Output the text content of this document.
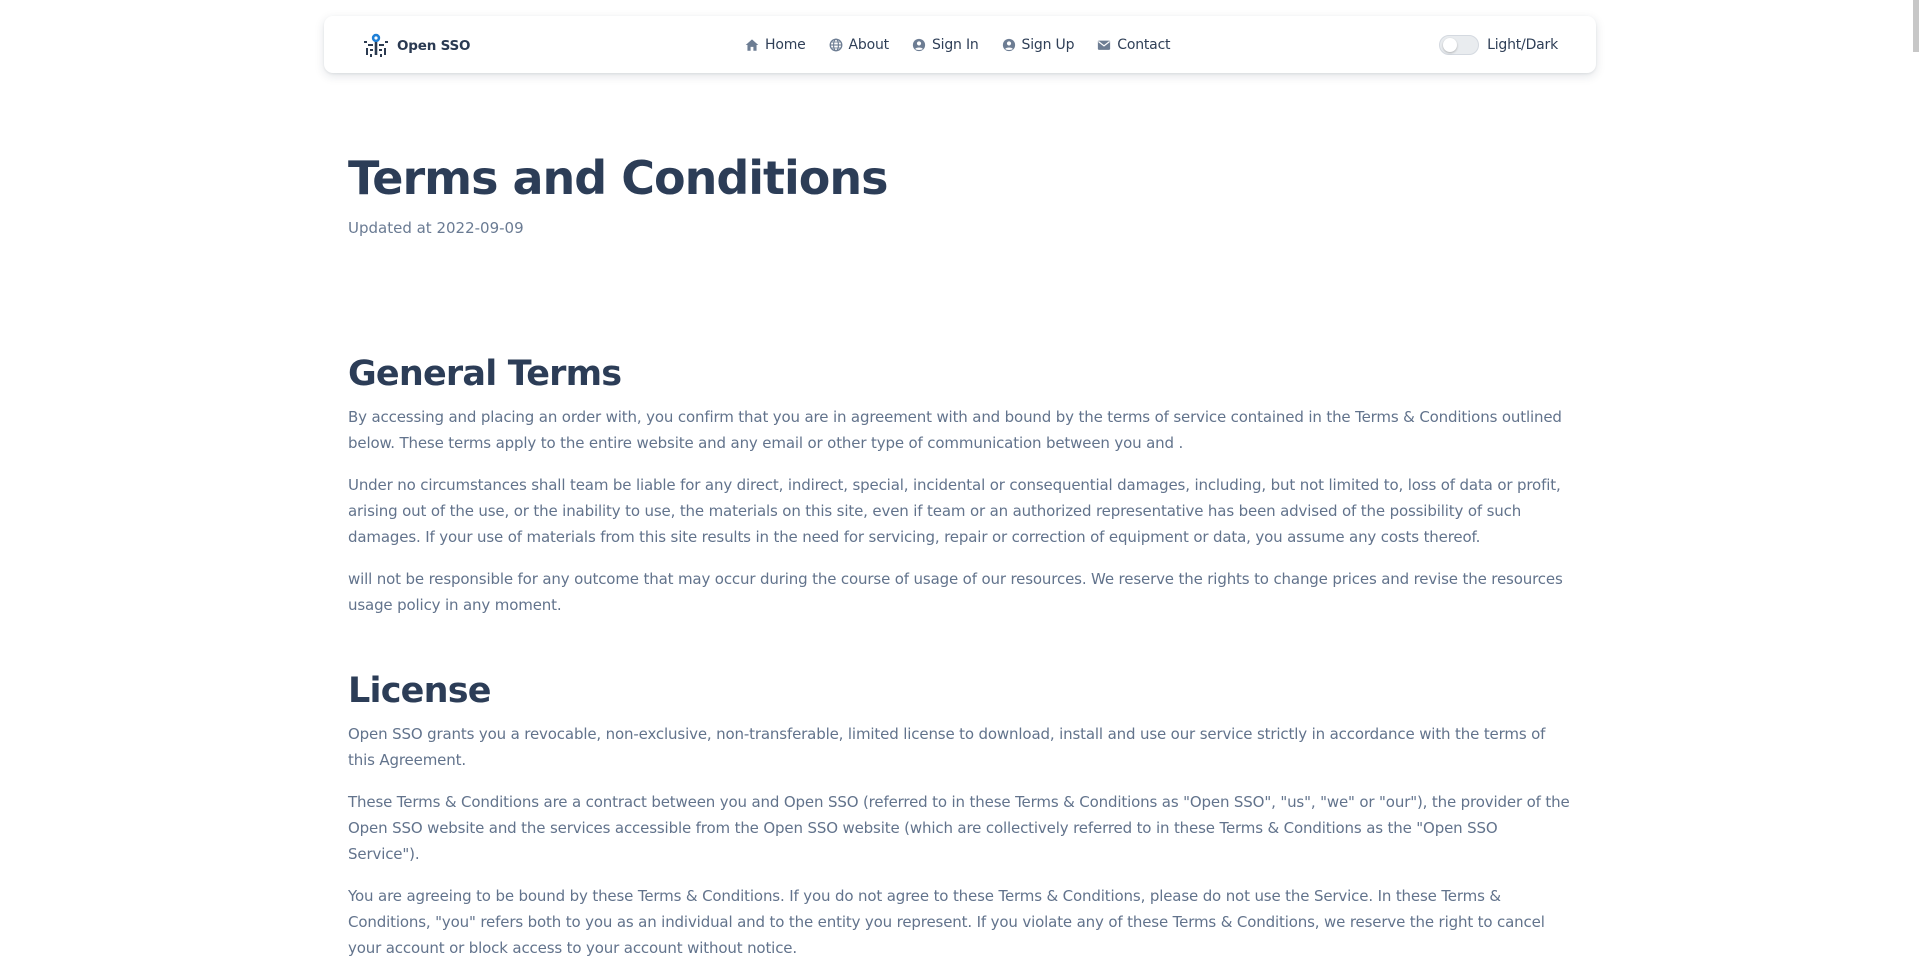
Open SSO	Home	About	Sign In	Sign Up	Contact	Light/Dark
Terms and Conditions
Updated at 2022-09-09
General Terms

By accessing and placing an order with, you confirm that you are in agreement with and bound by the terms of service contained in the Terms & Conditions outlined below. These terms apply to the entire website and any email or other type of communication between you and .

Under no circumstances shall team be liable for any direct, indirect, special, incidental or consequential damages, including, but not limited to, loss of data or profit, arising out of the use, or the inability to use, the materials on this site, even if team or an authorized representative has been advised of the possibility of such damages. If your use of materials from this site results in the need for servicing, repair or correction of equipment or data, you assume any costs thereof.

will not be responsible for any outcome that may occur during the course of usage of our resources. We reserve the rights to change prices and revise the resources usage policy in any moment.

License

Open SSO grants you a revocable, non-exclusive, non-transferable, limited license to download, install and use our service strictly in accordance with the terms of this Agreement.

These Terms & Conditions are a contract between you and Open SSO (referred to in these Terms & Conditions as "Open SSO", "us", "we" or "our"), the provider of the Open SSO website and the services accessible from the Open SSO website (which are collectively referred to in these Terms & Conditions as the "Open SSO Service").

You are agreeing to be bound by these Terms & Conditions. If you do not agree to these Terms & Conditions, please do not use the Service. In these Terms & Conditions, "you" refers both to you as an individual and to the entity you represent. If you violate any of these Terms & Conditions, we reserve the right to cancel your account or block access to your account without notice.
